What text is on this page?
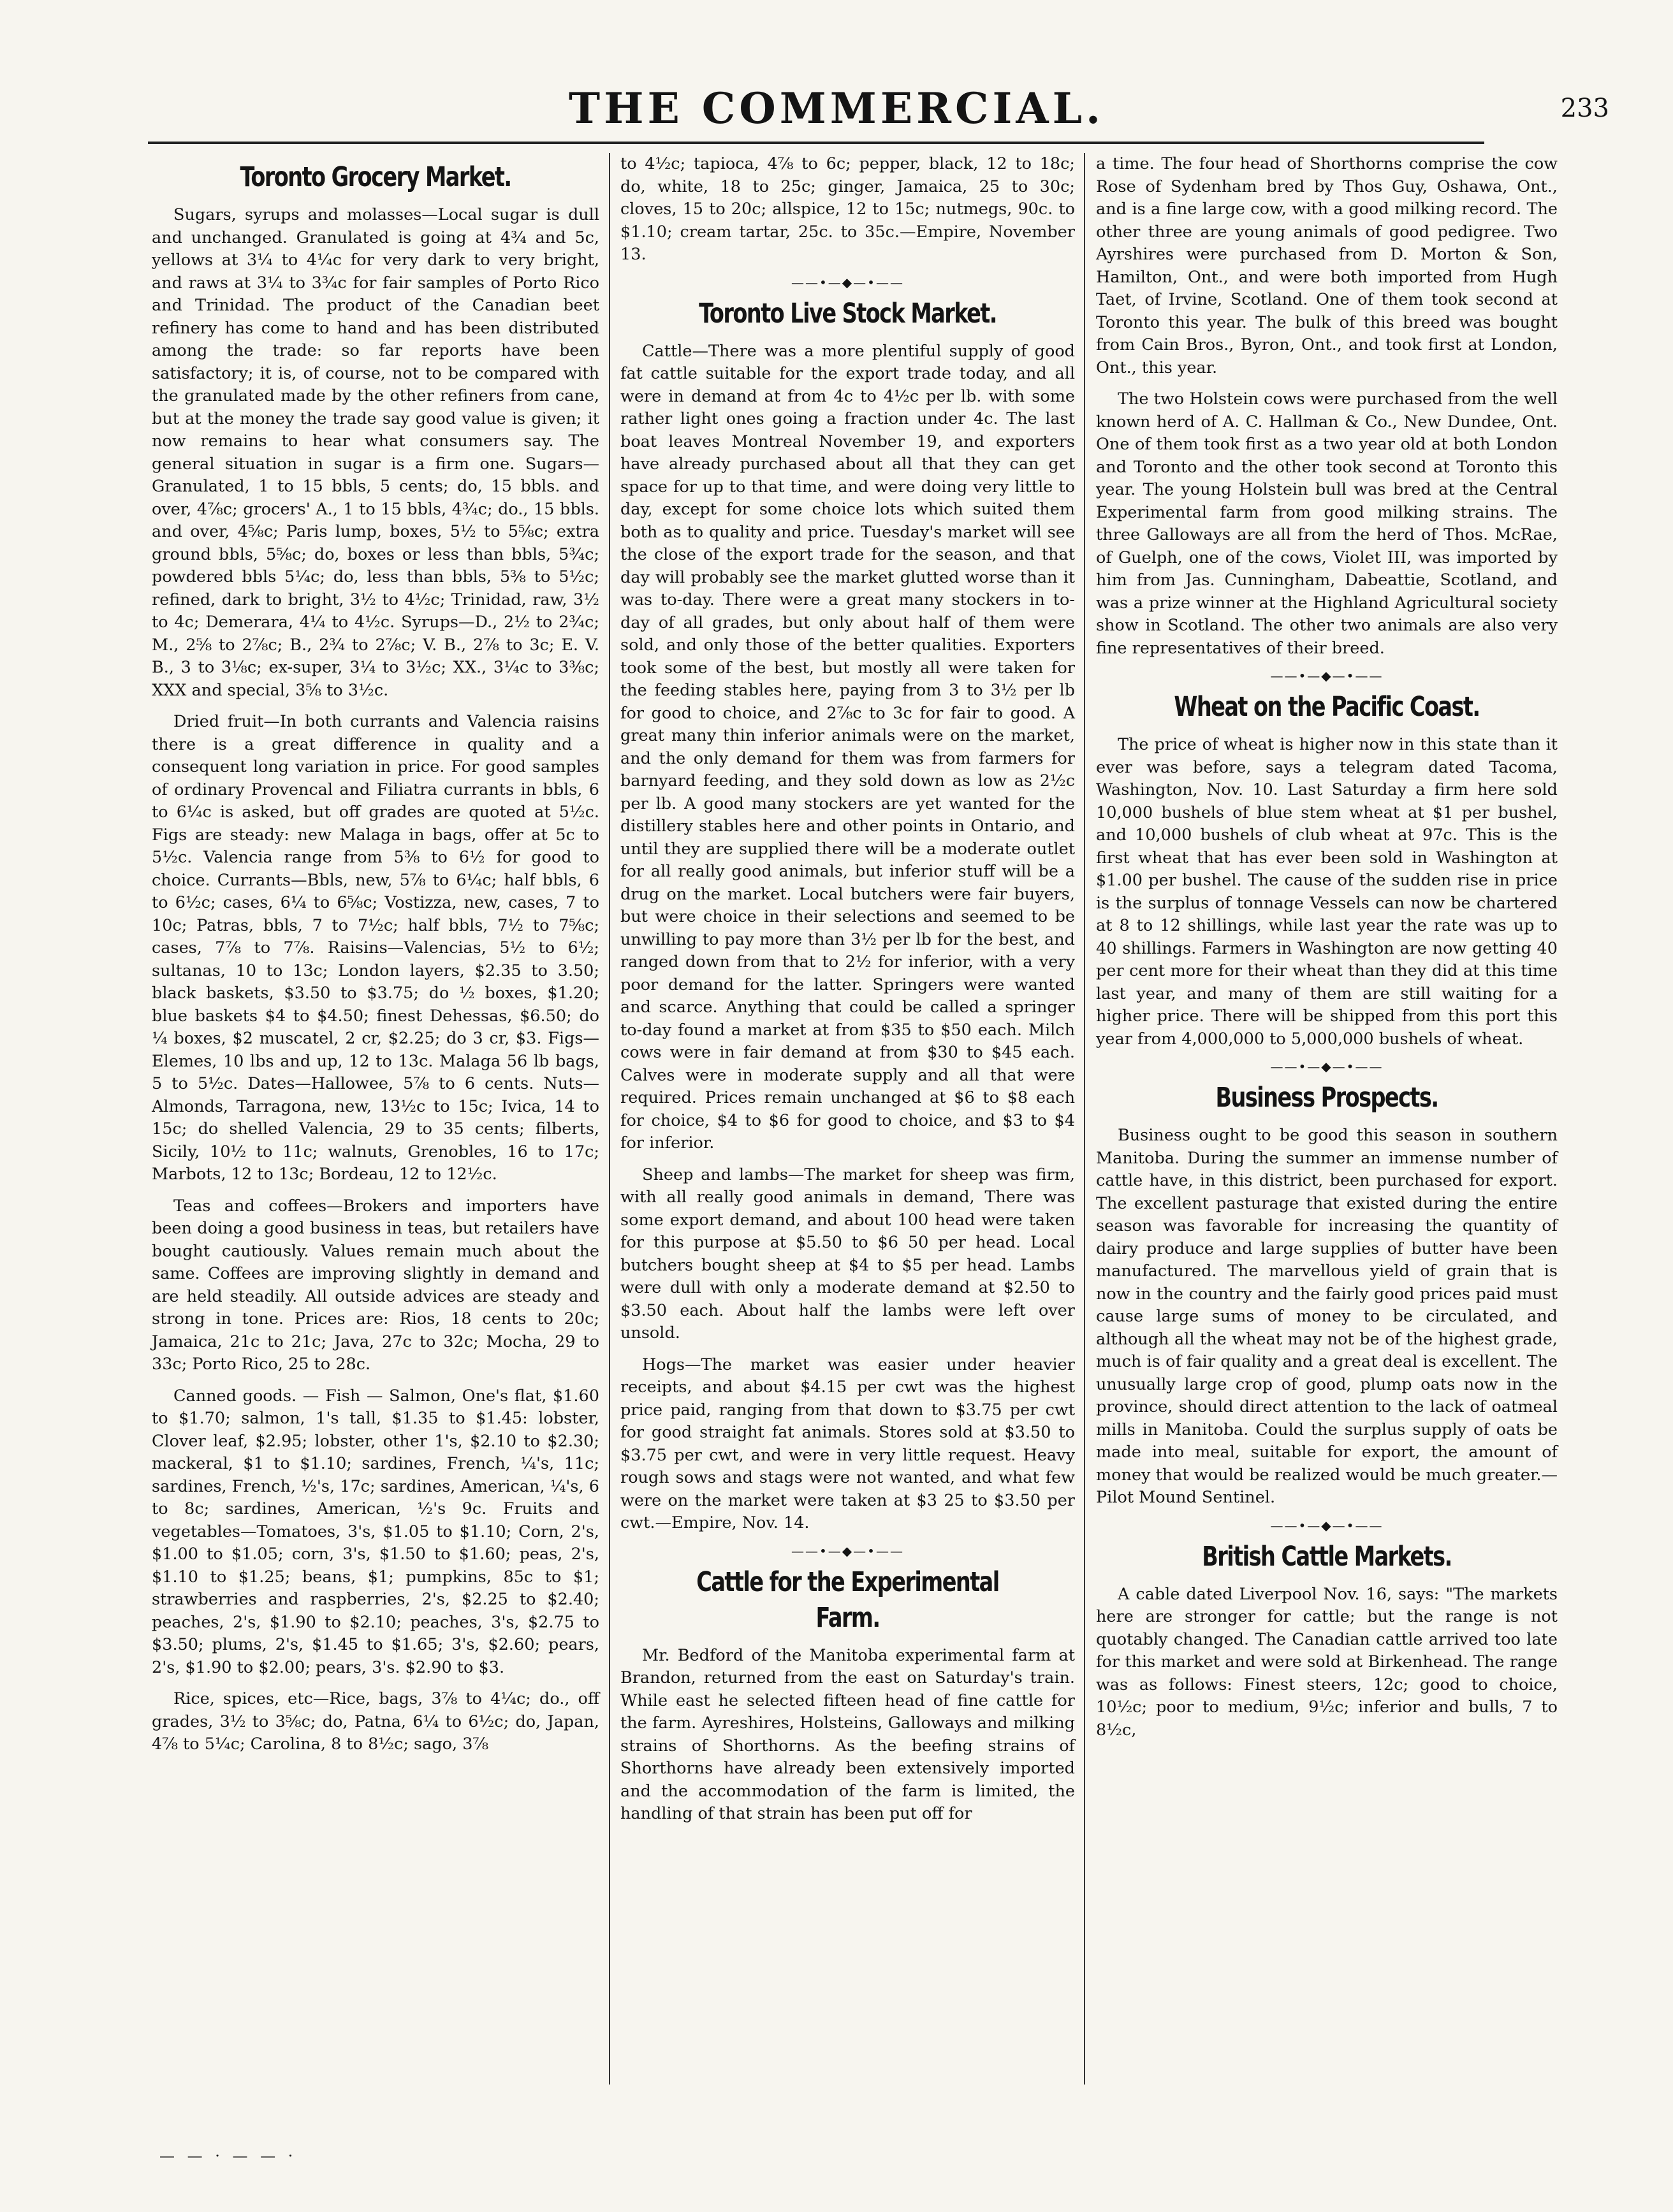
THE COMMERCIAL.	233
Toronto Grocery Market.

Sugars, syrups and molasses—Local sugar is dull and unchanged. Granulated is going at 4¾ and 5c, yellows at 3¼ to 4¼c for very dark to very bright, and raws at 3¼ to 3¾c for fair samples of Porto Rico and Trinidad. The product of the Canadian beet refinery has come to hand and has been distributed among the trade: so far reports have been satisfactory; it is, of course, not to be compared with the granulated made by the other refiners from cane, but at the money the trade say good value is given; it now remains to hear what consumers say. The general situation in sugar is a firm one. Sugars—Granulated, 1 to 15 bbls, 5 cents; do, 15 bbls. and over, 4⅞c; grocers' A., 1 to 15 bbls, 4¾c; do., 15 bbls. and over, 4⅝c; Paris lump, boxes, 5½ to 5⅝c; extra ground bbls, 5⅝c; do, boxes or less than bbls, 5¾c; powdered bbls 5¼c; do, less than bbls, 5⅜ to 5½c; refined, dark to bright, 3½ to 4½c; Trinidad, raw, 3½ to 4c; Demerara, 4¼ to 4½c. Syrups—D., 2½ to 2¾c; M., 2⅝ to 2⅞c; B., 2¾ to 2⅞c; V. B., 2⅞ to 3c; E. V. B., 3 to 3⅛c; ex-super, 3¼ to 3½c; XX., 3¼c to 3⅜c; XXX and special, 3⅝ to 3½c.

Dried fruit—In both currants and Valencia raisins there is a great difference in quality and a consequent long variation in price. For good samples of ordinary Provencal and Filiatra currants in bbls, 6 to 6¼c is asked, but off grades are quoted at 5½c. Figs are steady: new Malaga in bags, offer at 5c to 5½c. Valencia range from 5⅜ to 6½ for good to choice. Currants—Bbls, new, 5⅞ to 6¼c; half bbls, 6 to 6½c; cases, 6¼ to 6⅝c; Vostizza, new, cases, 7 to 10c; Patras, bbls, 7 to 7½c; half bbls, 7½ to 7⅝c; cases, 7⅞ to 7⅞. Raisins—Valencias, 5½ to 6½; sultanas, 10 to 13c; London layers, $2.35 to 3.50; black baskets, $3.50 to $3.75; do ½ boxes, $1.20; blue baskets $4 to $4.50; finest Dehessas, $6.50; do ¼ boxes, $2 muscatel, 2 cr, $2.25; do 3 cr, $3. Figs—Elemes, 10 lbs and up, 12 to 13c. Malaga 56 lb bags, 5 to 5½c. Dates—Hallowee, 5⅞ to 6 cents. Nuts—Almonds, Tarragona, new, 13½c to 15c; Ivica, 14 to 15c; do shelled Valencia, 29 to 35 cents; filberts, Sicily, 10½ to 11c; walnuts, Grenobles, 16 to 17c; Marbots, 12 to 13c; Bordeau, 12 to 12½c.

Teas and coffees—Brokers and importers have been doing a good business in teas, but retailers have bought cautiously. Values remain much about the same. Coffees are improving slightly in demand and are held steadily. All outside advices are steady and strong in tone. Prices are: Rios, 18 cents to 20c; Jamaica, 21c to 21c; Java, 27c to 32c; Mocha, 29 to 33c; Porto Rico, 25 to 28c.

Canned goods. — Fish — Salmon, One's flat, $1.60 to $1.70; salmon, 1's tall, $1.35 to $1.45: lobster, Clover leaf, $2.95; lobster, other 1's, $2.10 to $2.30; mackeral, $1 to $1.10; sardines, French, ¼'s, 11c; sardines, French, ½'s, 17c; sardines, American, ¼'s, 6 to 8c; sardines, American, ½'s 9c. Fruits and vegetables—Tomatoes, 3's, $1.05 to $1.10; Corn, 2's, $1.00 to $1.05; corn, 3's, $1.50 to $1.60; peas, 2's, $1.10 to $1.25; beans, $1; pumpkins, 85c to $1; strawberries and raspberries, 2's, $2.25 to $2.40; peaches, 2's, $1.90 to $2.10; peaches, 3's, $2.75 to $3.50; plums, 2's, $1.45 to $1.65; 3's, $2.60; pears, 2's, $1.90 to $2.00; pears, 3's. $2.90 to $3.

Rice, spices, etc—Rice, bags, 3⅞ to 4¼c; do., off grades, 3½ to 3⅝c; do, Patna, 6¼ to 6½c; do, Japan, 4⅞ to 5¼c; Carolina, 8 to 8½c; sago, 3⅞

to 4½c; tapioca, 4⅞ to 6c; pepper, black, 12 to 18c; do, white, 18 to 25c; ginger, Jamaica, 25 to 30c; cloves, 15 to 20c; allspice, 12 to 15c; nutmegs, 90c. to $1.10; cream tartar, 25c. to 35c.—Empire, November 13.

——•—◆—•——
Toronto Live Stock Market.

Cattle—There was a more plentiful supply of good fat cattle suitable for the export trade today, and all were in demand at from 4c to 4½c per lb. with some rather light ones going a fraction under 4c. The last boat leaves Montreal November 19, and exporters have already purchased about all that they can get space for up to that time, and were doing very little to day, except for some choice lots which suited them both as to quality and price. Tuesday's market will see the close of the export trade for the season, and that day will probably see the market glutted worse than it was to-day. There were a great many stockers in to-day of all grades, but only about half of them were sold, and only those of the better qualities. Exporters took some of the best, but mostly all were taken for the feeding stables here, paying from 3 to 3½ per lb for good to choice, and 2⅞c to 3c for fair to good. A great many thin inferior animals were on the market, and the only demand for them was from farmers for barnyard feeding, and they sold down as low as 2½c per lb. A good many stockers are yet wanted for the distillery stables here and other points in Ontario, and until they are supplied there will be a moderate outlet for all really good animals, but inferior stuff will be a drug on the market. Local butchers were fair buyers, but were choice in their selections and seemed to be unwilling to pay more than 3½ per lb for the best, and ranged down from that to 2½ for inferior, with a very poor demand for the latter. Springers were wanted and scarce. Anything that could be called a springer to-day found a market at from $35 to $50 each. Milch cows were in fair demand at from $30 to $45 each. Calves were in moderate supply and all that were required. Prices remain unchanged at $6 to $8 each for choice, $4 to $6 for good to choice, and $3 to $4 for inferior.

Sheep and lambs—The market for sheep was firm, with all really good animals in demand, There was some export demand, and about 100 head were taken for this purpose at $5.50 to $6 50 per head. Local butchers bought sheep at $4 to $5 per head. Lambs were dull with only a moderate demand at $2.50 to $3.50 each. About half the lambs were left over unsold.

Hogs—The market was easier under heavier receipts, and about $4.15 per cwt was the highest price paid, ranging from that down to $3.75 per cwt for good straight fat animals. Stores sold at $3.50 to $3.75 per cwt, and were in very little request. Heavy rough sows and stags were not wanted, and what few were on the market were taken at $3 25 to $3.50 per cwt.—Empire, Nov. 14.

——•—◆—•——
Cattle for the Experimental Farm.

Mr. Bedford of the Manitoba experimental farm at Brandon, returned from the east on Saturday's train. While east he selected fifteen head of fine cattle for the farm. Ayreshires, Holsteins, Galloways and milking strains of Shorthorns. As the beefing strains of Shorthorns have already been extensively imported and the accommodation of the farm is limited, the handling of that strain has been put off for

a time. The four head of Shorthorns comprise the cow Rose of Sydenham bred by Thos Guy, Oshawa, Ont., and is a fine large cow, with a good milking record. The other three are young animals of good pedigree. Two Ayrshires were purchased from D. Morton & Son, Hamilton, Ont., and were both imported from Hugh Taet, of Irvine, Scotland. One of them took second at Toronto this year. The bulk of this breed was bought from Cain Bros., Byron, Ont., and took first at London, Ont., this year.

The two Holstein cows were purchased from the well known herd of A. C. Hallman & Co., New Dundee, Ont. One of them took first as a two year old at both London and Toronto and the other took second at Toronto this year. The young Holstein bull was bred at the Central Experimental farm from good milking strains. The three Galloways are all from the herd of Thos. McRae, of Guelph, one of the cows, Violet III, was imported by him from Jas. Cunningham, Dabeattie, Scotland, and was a prize winner at the Highland Agricultural society show in Scotland. The other two animals are also very fine representatives of their breed.

——•—◆—•——
Wheat on the Pacific Coast.

The price of wheat is higher now in this state than it ever was before, says a telegram dated Tacoma, Washington, Nov. 10. Last Saturday a firm here sold 10,000 bushels of blue stem wheat at $1 per bushel, and 10,000 bushels of club wheat at 97c. This is the first wheat that has ever been sold in Washington at $1.00 per bushel. The cause of the sudden rise in price is the surplus of tonnage Vessels can now be chartered at 8 to 12 shillings, while last year the rate was up to 40 shillings. Farmers in Washington are now getting 40 per cent more for their wheat than they did at this time last year, and many of them are still waiting for a higher price. There will be shipped from this port this year from 4,000,000 to 5,000,000 bushels of wheat.

——•—◆—•——
Business Prospects.

Business ought to be good this season in southern Manitoba. During the summer an immense number of cattle have, in this district, been purchased for export. The excellent pasturage that existed during the entire season was favorable for increasing the quantity of dairy produce and large supplies of butter have been manufactured. The marvellous yield of grain that is now in the country and the fairly good prices paid must cause large sums of money to be circulated, and although all the wheat may not be of the highest grade, much is of fair quality and a great deal is excellent. The unusually large crop of good, plump oats now in the province, should direct attention to the lack of oatmeal mills in Manitoba. Could the surplus supply of oats be made into meal, suitable for export, the amount of money that would be realized would be much greater.—Pilot Mound Sentinel.

——•—◆—•——
British Cattle Markets.

A cable dated Liverpool Nov. 16, says: "The markets here are stronger for cattle; but the range is not quotably changed. The Canadian cattle arrived too late for this market and were sold at Birkenhead. The range was as follows: Finest steers, 12c; good to choice, 10½c; poor to medium, 9½c; inferior and bulls, 7 to 8½c,

— — · — — ·
